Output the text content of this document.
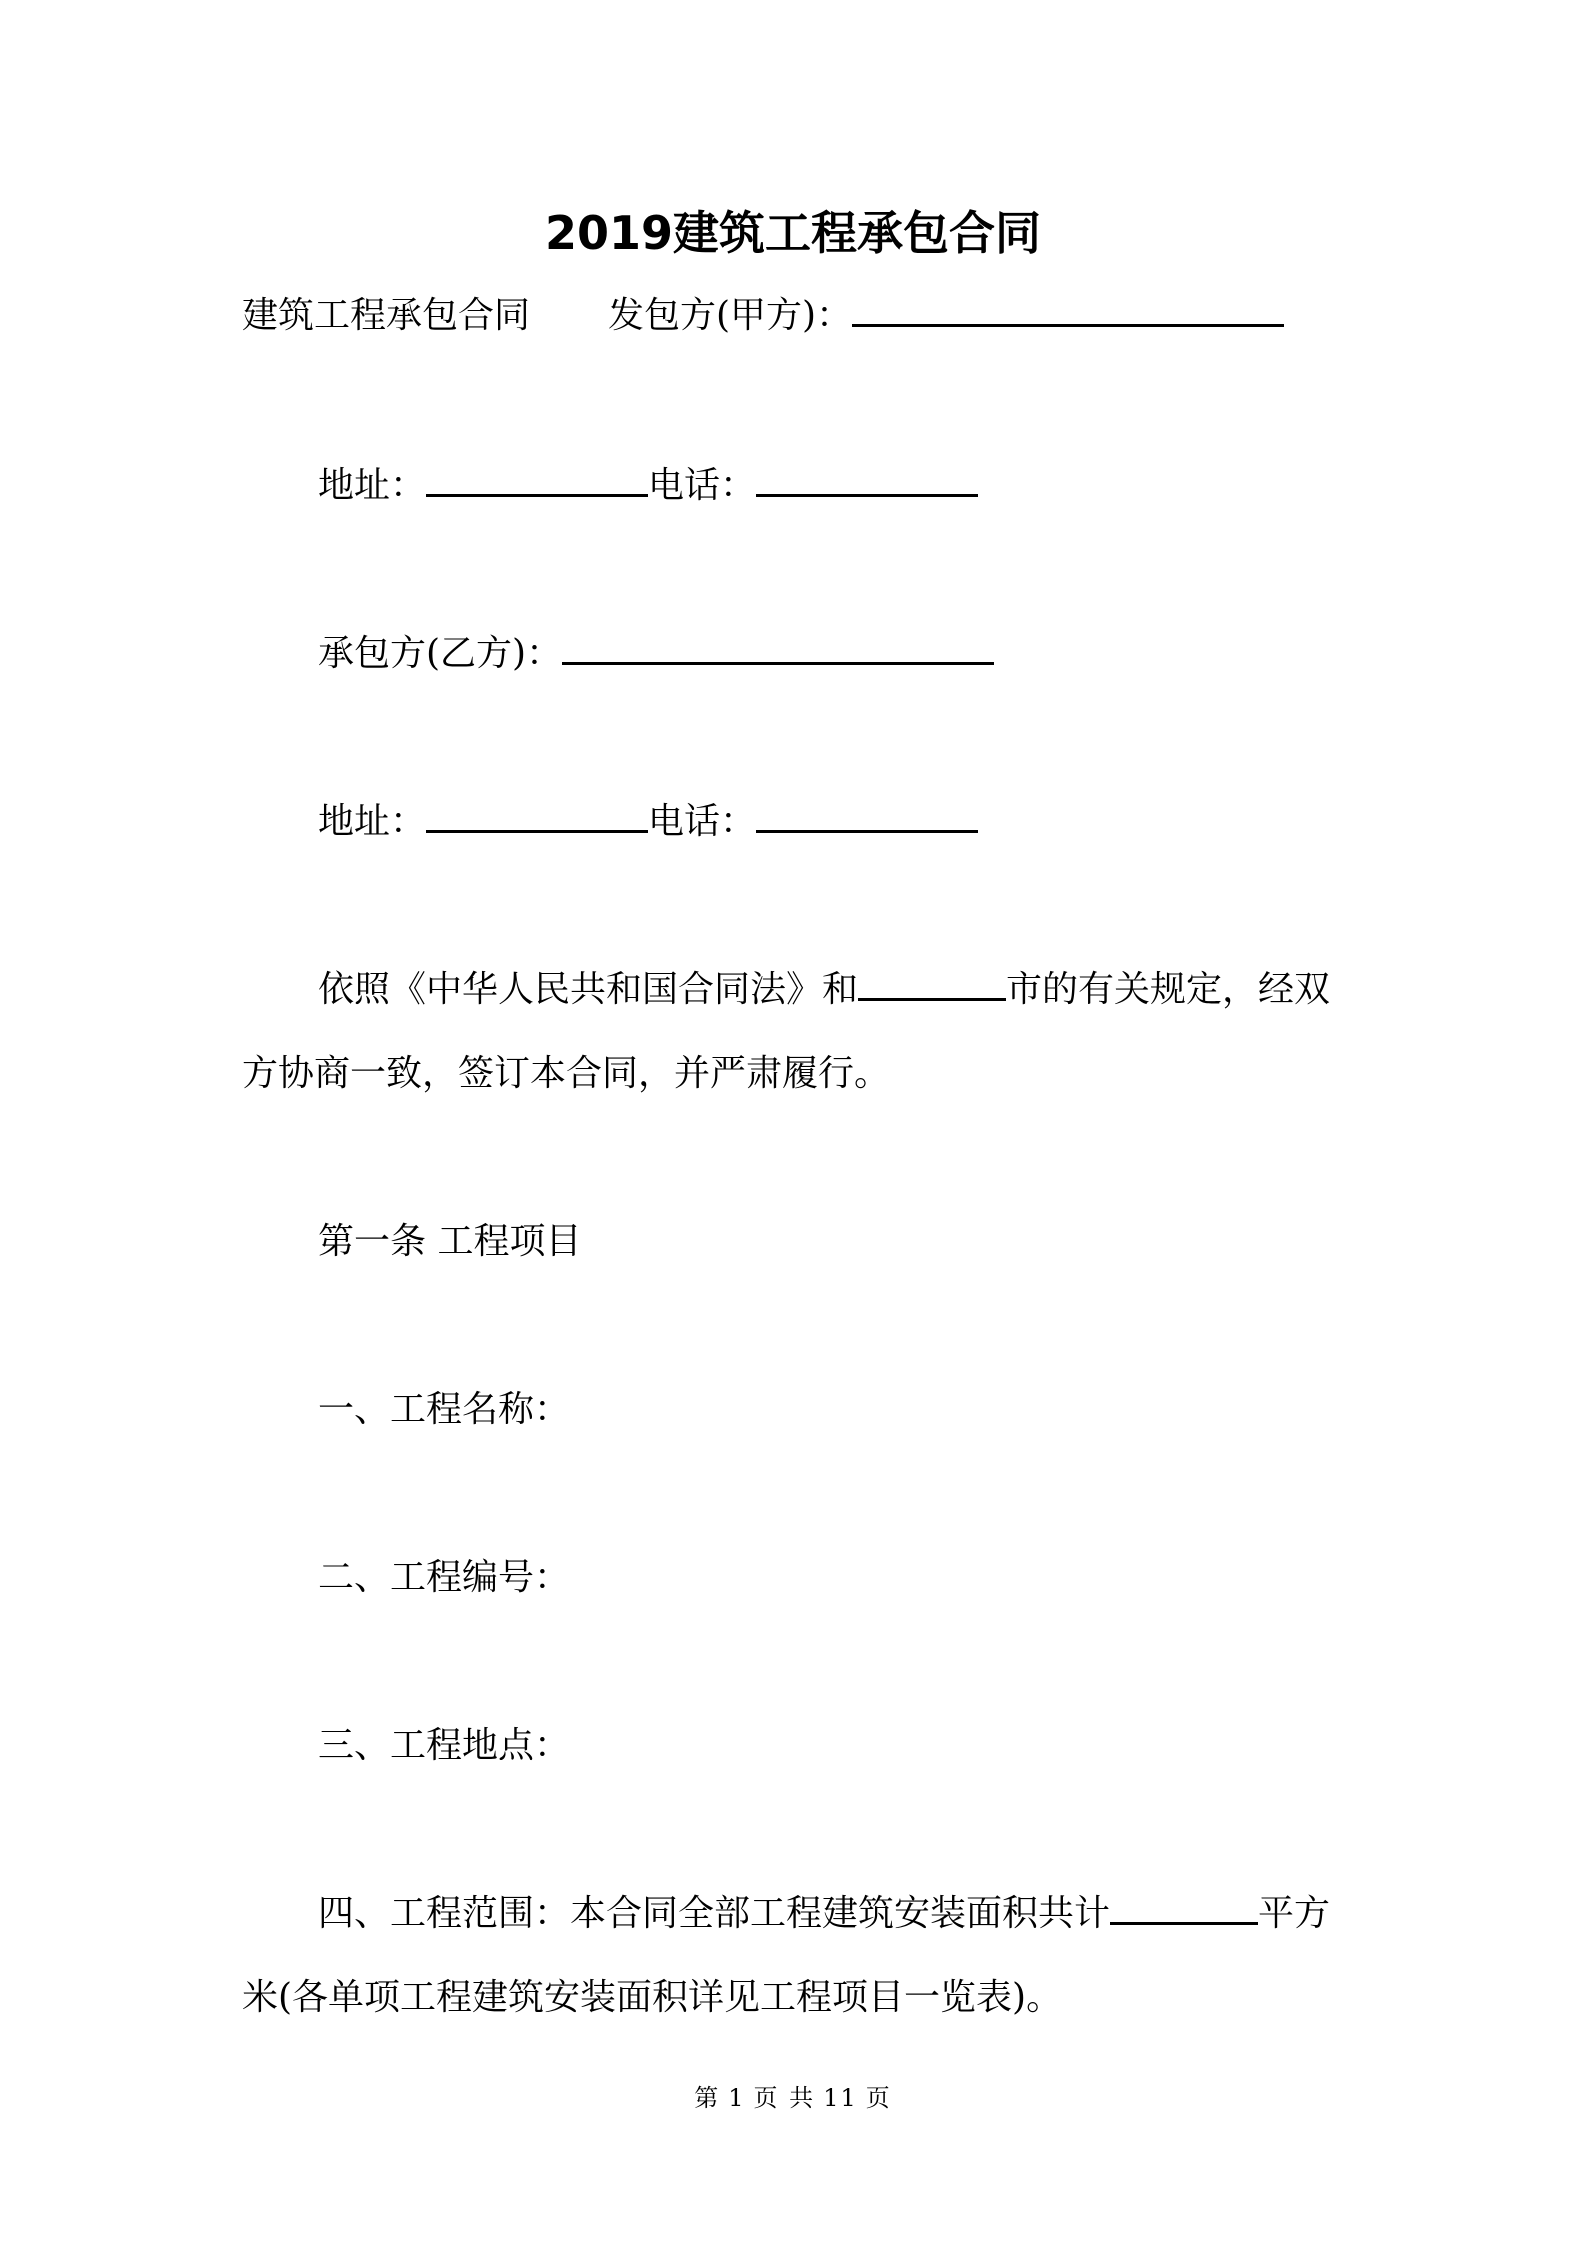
2019建筑工程承包合同
建筑工程承包合同 发包方(甲方)：
地址：	电话：
承包方(乙方)：
地址：	电话：
依照《中华人民共和国合同法》和	市的有关规定，经双
方协商一致，签订本合同，并严肃履行。
第一条 工程项目
一、工程名称：
二、工程编号：
三、工程地点：
四、工程范围：本合同全部工程建筑安装面积共计	平方
米(各单项工程建筑安装面积详见工程项目一览表)。
第 1 页 共 11 页
